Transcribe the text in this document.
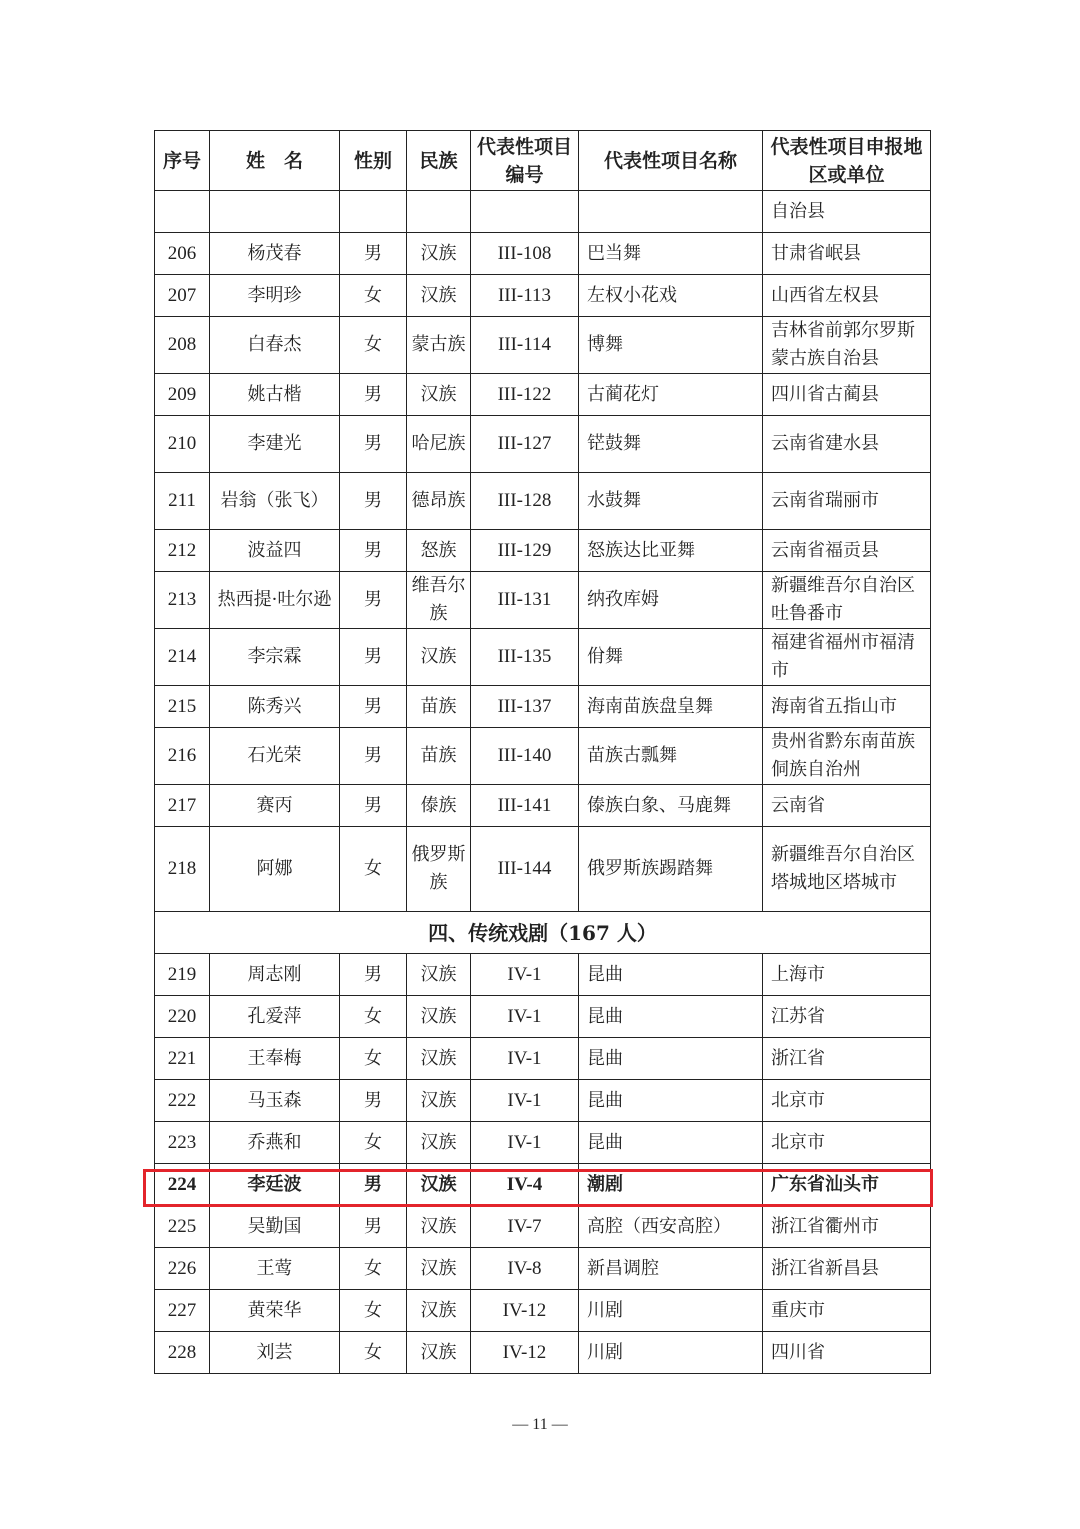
序号	姓　名	性别	民族	代表性项目编号	代表性项目名称	代表性项目申报地区或单位
						自治县
206	杨茂春	男	汉族	III-108	巴当舞	甘肃省岷县
207	李明珍	女	汉族	III-113	左权小花戏	山西省左权县
208	白春杰	女	蒙古族	III-114	博舞	吉林省前郭尔罗斯蒙古族自治县
209	姚古楷	男	汉族	III-122	古蔺花灯	四川省古蔺县
210	李建光	男	哈尼族	III-127	铓鼓舞	云南省建水县
211	岩翁（张飞）	男	德昂族	III-128	水鼓舞	云南省瑞丽市
212	波益四	男	怒族	III-129	怒族达比亚舞	云南省福贡县
213	热西提·吐尔逊	男	维吾尔族	III-131	纳孜库姆	新疆维吾尔自治区吐鲁番市
214	李宗霖	男	汉族	III-135	佾舞	福建省福州市福清市
215	陈秀兴	男	苗族	III-137	海南苗族盘皇舞	海南省五指山市
216	石光荣	男	苗族	III-140	苗族古瓢舞	贵州省黔东南苗族侗族自治州
217	赛丙	男	傣族	III-141	傣族白象、马鹿舞	云南省
218	阿娜	女	俄罗斯族	III-144	俄罗斯族踢踏舞	新疆维吾尔自治区塔城地区塔城市
四、传统戏剧（167 人）						
219	周志刚	男	汉族	IV-1	昆曲	上海市
220	孔爱萍	女	汉族	IV-1	昆曲	江苏省
221	王奉梅	女	汉族	IV-1	昆曲	浙江省
222	马玉森	男	汉族	IV-1	昆曲	北京市
223	乔燕和	女	汉族	IV-1	昆曲	北京市
224	李廷波	男	汉族	IV-4	潮剧	广东省汕头市
225	吴勤国	男	汉族	IV-7	高腔（西安高腔）	浙江省衢州市
226	王莺	女	汉族	IV-8	新昌调腔	浙江省新昌县
227	黄荣华	女	汉族	IV-12	川剧	重庆市
228	刘芸	女	汉族	IV-12	川剧	四川省
— 11 —
